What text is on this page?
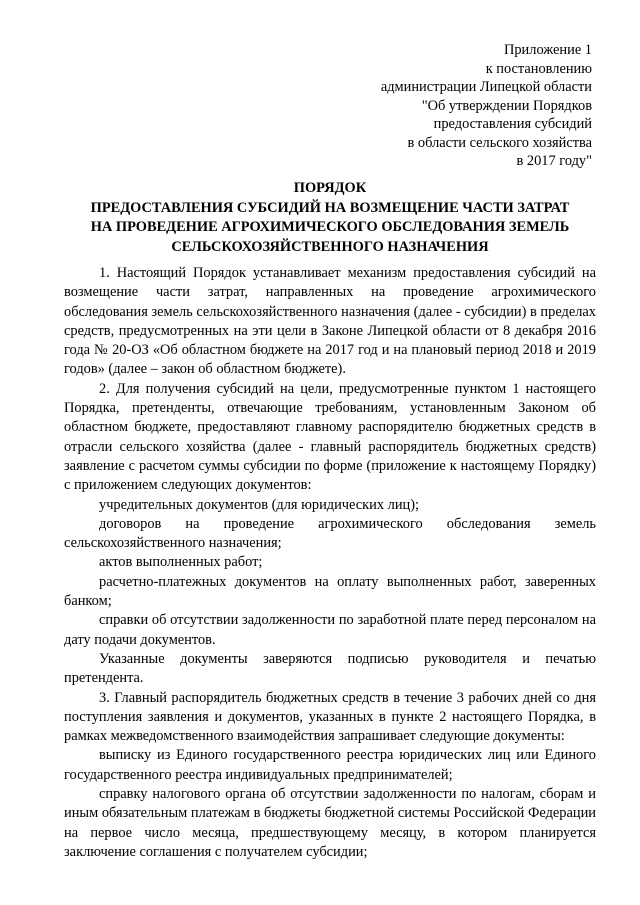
Приложение 1
к постановлению
администрации Липецкой области
"Об утверждении Порядков
предоставления субсидий
в области сельского хозяйства
в 2017 году"
ПОРЯДОК
ПРЕДОСТАВЛЕНИЯ СУБСИДИЙ НА ВОЗМЕЩЕНИЕ ЧАСТИ ЗАТРАТ
НА ПРОВЕДЕНИЕ АГРОХИМИЧЕСКОГО ОБСЛЕДОВАНИЯ ЗЕМЕЛЬ
СЕЛЬСКОХОЗЯЙСТВЕННОГО НАЗНАЧЕНИЯ

1. Настоящий Порядок устанавливает механизм предоставления субсидий на возмещение части затрат, направленных на проведение агрохимического обследования земель сельскохозяйственного назначения (далее - субсидии) в пределах средств, предусмотренных на эти цели в Законе Липецкой области от 8 декабря 2016 года № 20-ОЗ «Об областном бюджете на 2017 год и на плановый период 2018 и 2019 годов» (далее – закон об областном бюджете).

2. Для получения субсидий на цели, предусмотренные пунктом 1 настоящего Порядка, претенденты, отвечающие требованиям, установленным Законом об областном бюджете, предоставляют главному распорядителю бюджетных средств в отрасли сельского хозяйства (далее - главный распорядитель бюджетных средств) заявление с расчетом суммы субсидии по форме (приложение к настоящему Порядку) с приложением следующих документов:

учредительных документов (для юридических лиц);

договоров на проведение агрохимического обследования земель сельскохозяйственного назначения;

актов выполненных работ;

расчетно-платежных документов на оплату выполненных работ, заверенных банком;

справки об отсутствии задолженности по заработной плате перед персоналом на дату подачи документов.

Указанные документы заверяются подписью руководителя и печатью претендента.

3. Главный распорядитель бюджетных средств в течение 3 рабочих дней со дня поступления заявления и документов, указанных в пункте 2 настоящего Порядка, в рамках межведомственного взаимодействия запрашивает следующие документы:

выписку из Единого государственного реестра юридических лиц или Единого государственного реестра индивидуальных предпринимателей;

справку налогового органа об отсутствии задолженности по налогам, сборам и иным обязательным платежам в бюджеты бюджетной системы Российской Федерации на первое число месяца, предшествующему месяцу, в котором планируется заключение соглашения с получателем субсидии;
